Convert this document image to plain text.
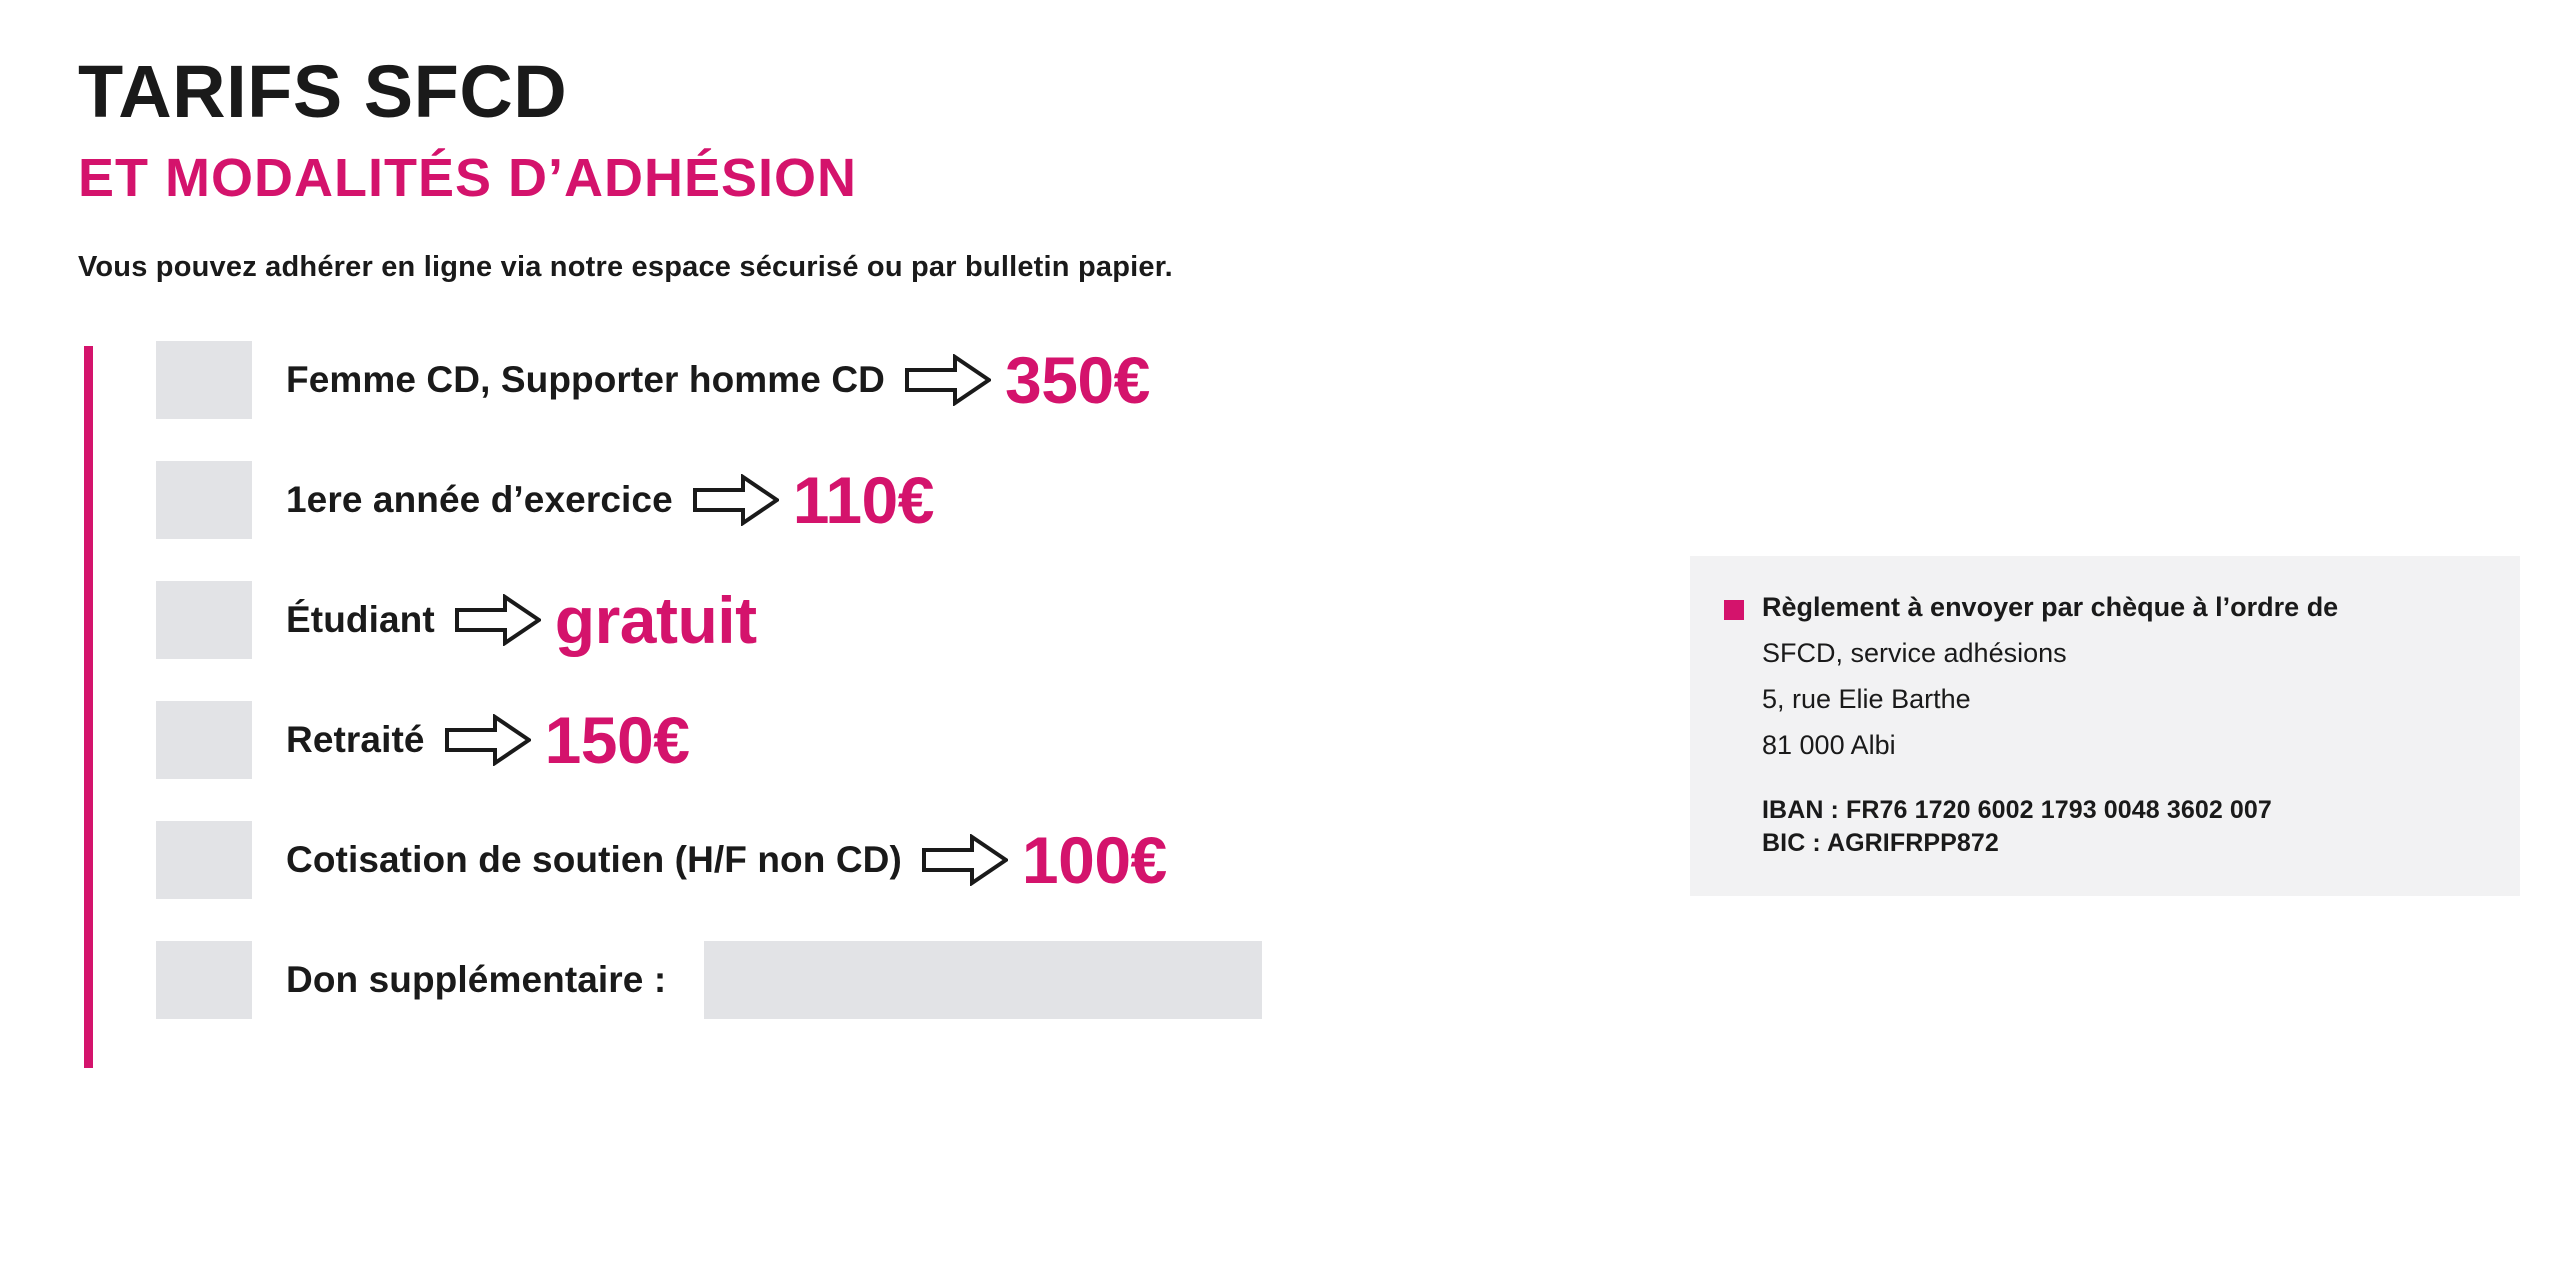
TARIFS SFCD
ET MODALITÉS D’ADHÉSION

Vous pouvez adhérer en ligne via notre espace sécurisé ou par bulletin papier.

Femme CD, Supporter homme CD 350€
1ere année d’exercice 110€
Étudiant gratuit
Retraité 150€
Cotisation de soutien (H/F non CD) 100€
Don supplémentaire :
Règlement à envoyer par chèque à l’ordre de
SFCD, service adhésions
5, rue Elie Barthe
81 000 Albi
IBAN : FR76 1720 6002 1793 0048 3602 007
BIC : AGRIFRPP872
